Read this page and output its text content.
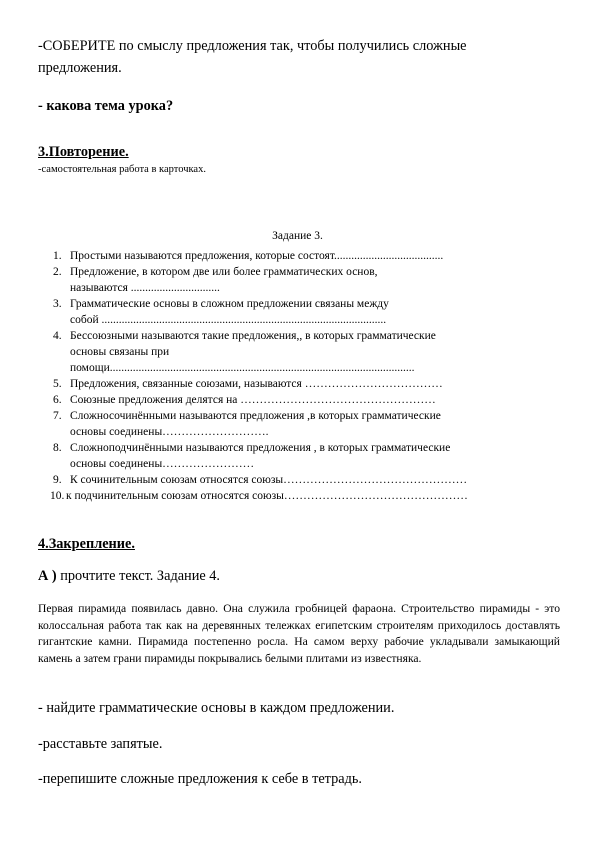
-СОБЕРИТЕ по смыслу предложения так, чтобы получились сложные
предложения.
- какова тема урока?
3.Повторение.
-самостоятельная работа в карточках.
Задание 3.
1. Простыми называются предложения, которые состоят......................................
2. Предложение, в котором две или более грамматических основ,
называются ...............................
3. Грамматические основы в сложном предложении связаны между
собой ...................................................................................................
4. Бессоюзными называются такие предложения,, в которых грамматические
основы связаны при
помощи..........................................................................................................
5. Предложения, связанные союзами, называются ………………………………
6. Союзные предложения делятся на ……………………………………………
7. Сложносочинёнными называются предложения ,в которых грамматические
основы соединены……………………….
8. Сложноподчинёнными называются предложения , в которых грамматические
основы соединены……………………
9. К сочинительным союзам относятся союзы…………………………………………
10. к подчинительным союзам относятся союзы…………………………………………
4.Закрепление.
А ) прочтите текст. Задание 4.

Первая пирамида появилась давно. Она служила гробницей фараона. Строительство пирамиды - это колоссальная работа так как на деревянных тележках египетским строителям приходилось доставлять гигантские камни. Пирамида постепенно росла. На самом верху рабочие укладывали замыкающий камень а затем грани пирамиды покрывались белыми плитами из известняка.

- найдите грамматические основы в каждом предложении.
-расставьте запятые.
-перепишите сложные предложения к себе в тетрадь.
